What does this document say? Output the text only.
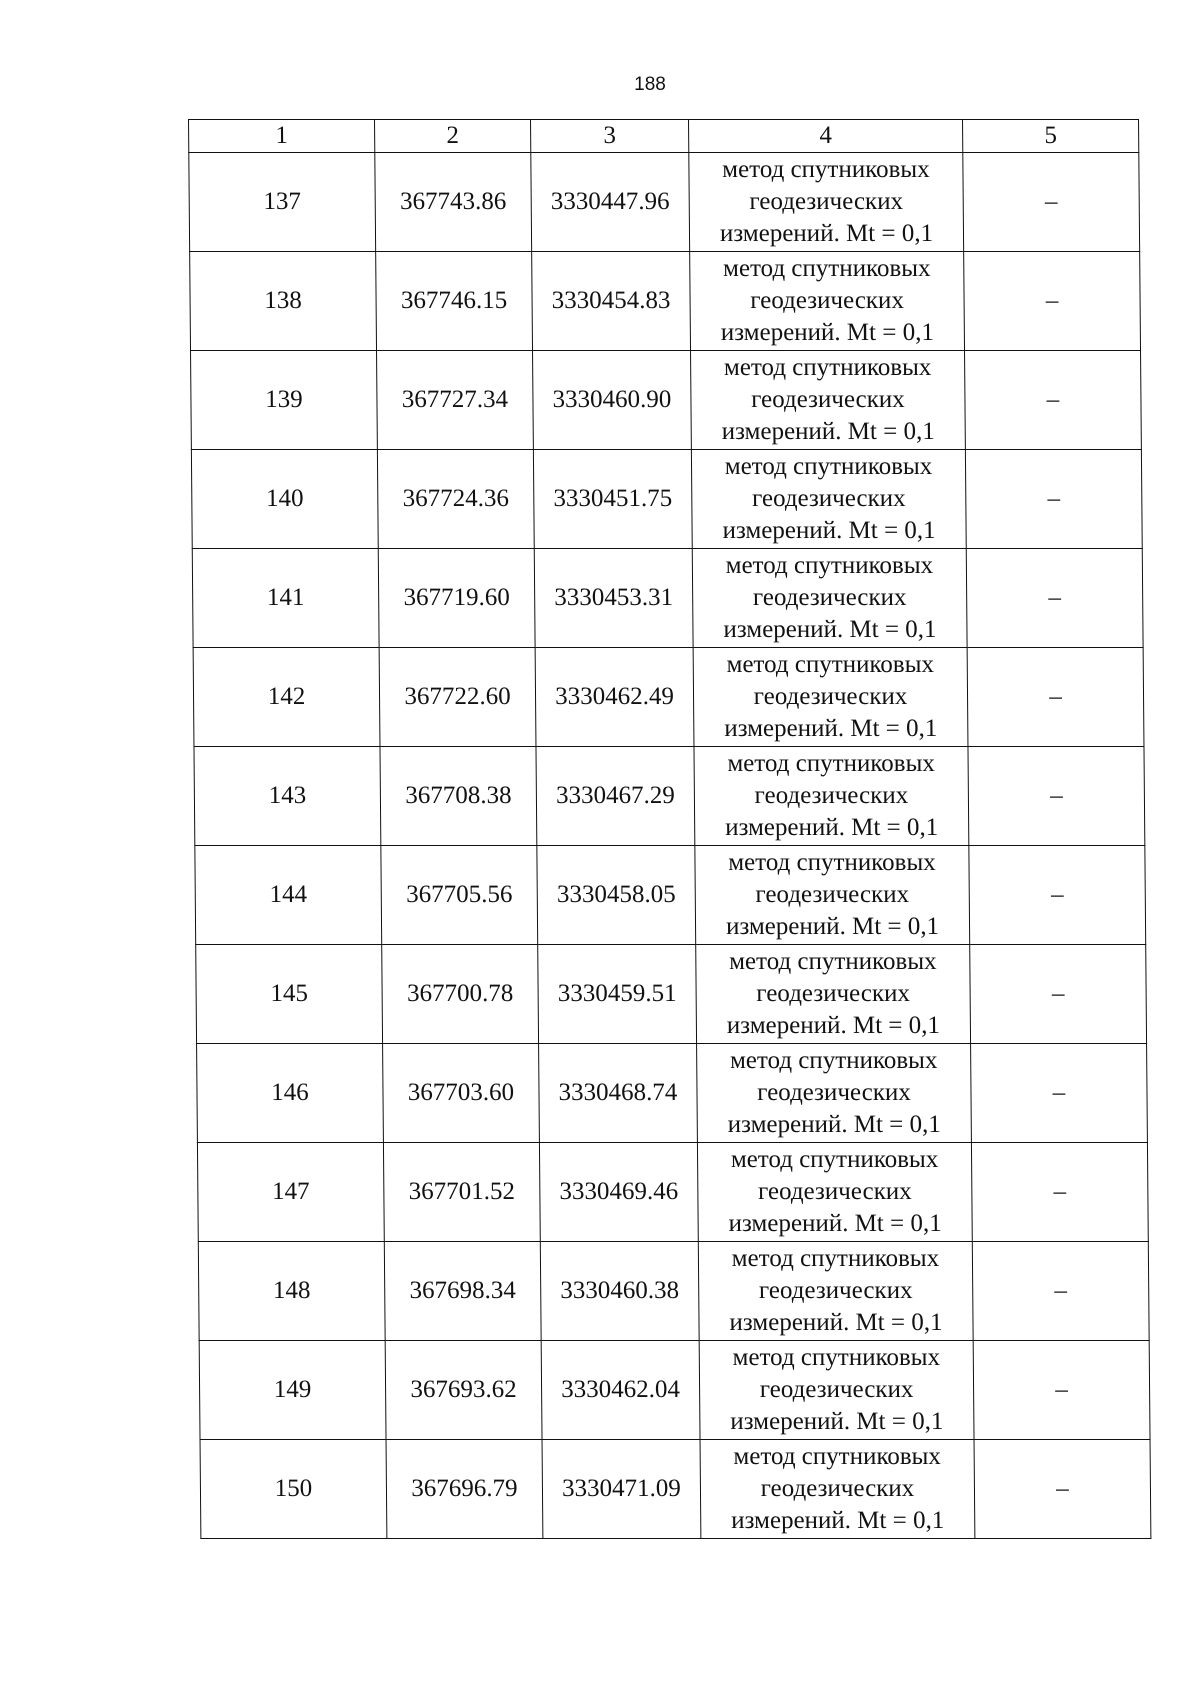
188
1	2	3	4	5
137	367743.86	3330447.96	метод спутниковых геодезических измерений. Mt = 0,1	–
138	367746.15	3330454.83	метод спутниковых геодезических измерений. Mt = 0,1	–
139	367727.34	3330460.90	метод спутниковых геодезических измерений. Mt = 0,1	–
140	367724.36	3330451.75	метод спутниковых геодезических измерений. Mt = 0,1	–
141	367719.60	3330453.31	метод спутниковых геодезических измерений. Mt = 0,1	–
142	367722.60	3330462.49	метод спутниковых геодезических измерений. Mt = 0,1	–
143	367708.38	3330467.29	метод спутниковых геодезических измерений. Mt = 0,1	–
144	367705.56	3330458.05	метод спутниковых геодезических измерений. Mt = 0,1	–
145	367700.78	3330459.51	метод спутниковых геодезических измерений. Mt = 0,1	–
146	367703.60	3330468.74	метод спутниковых геодезических измерений. Mt = 0,1	–
147	367701.52	3330469.46	метод спутниковых геодезических измерений. Mt = 0,1	–
148	367698.34	3330460.38	метод спутниковых геодезических измерений. Mt = 0,1	–
149	367693.62	3330462.04	метод спутниковых геодезических измерений. Mt = 0,1	–
150	367696.79	3330471.09	метод спутниковых геодезических измерений. Mt = 0,1	–
